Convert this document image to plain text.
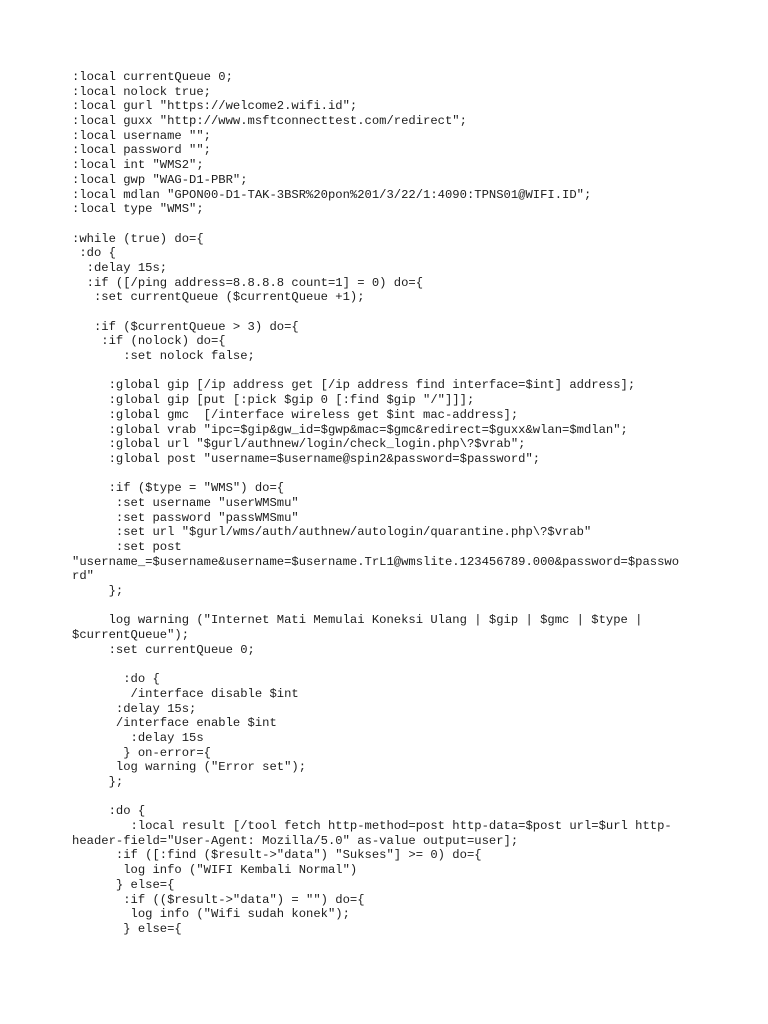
:local currentQueue 0;
:local nolock true;
:local gurl "https://welcome2.wifi.id";
:local guxx "http://www.msftconnecttest.com/redirect";
:local username "";
:local password "";
:local int "WMS2";
:local gwp "WAG-D1-PBR";
:local mdlan "GPON00-D1-TAK-3BSR%20pon%201/3/22/1:4090:TPNS01@WIFI.ID";
:local type "WMS";
:while (true) do={
:do {
:delay 15s;
:if ([/ping address=8.8.8.8 count=1] = 0) do={
:set currentQueue ($currentQueue +1);
:if ($currentQueue > 3) do={
:if (nolock) do={
:set nolock false;
:global gip [/ip address get [/ip address find interface=$int] address];
:global gip [put [:pick $gip 0 [:find $gip "/"]]];
:global gmc  [/interface wireless get $int mac-address];
:global vrab "ipc=$gip&gw_id=$gwp&mac=$gmc&redirect=$guxx&wlan=$mdlan";
:global url "$gurl/authnew/login/check_login.php\?$vrab";
:global post "username=$username@spin2&password=$password";
:if ($type = "WMS") do={
:set username "userWMSmu"
:set password "passWMSmu"
:set url "$gurl/wms/auth/authnew/autologin/quarantine.php\?$vrab"
:set post
"username_=$username&username=$username.TrL1@wmslite.123456789.000&password=$passwo
rd"
};
log warning ("Internet Mati Memulai Koneksi Ulang | $gip | $gmc | $type |
$currentQueue");
:set currentQueue 0;
:do {
/interface disable $int
:delay 15s;
/interface enable $int
:delay 15s
} on-error={
log warning ("Error set");
};
:do {
:local result [/tool fetch http-method=post http-data=$post url=$url http-
header-field="User-Agent: Mozilla/5.0" as-value output=user];
:if ([:find ($result->"data") "Sukses"] >= 0) do={
log info ("WIFI Kembali Normal")
} else={
:if (($result->"data") = "") do={
log info ("Wifi sudah konek");
} else={
